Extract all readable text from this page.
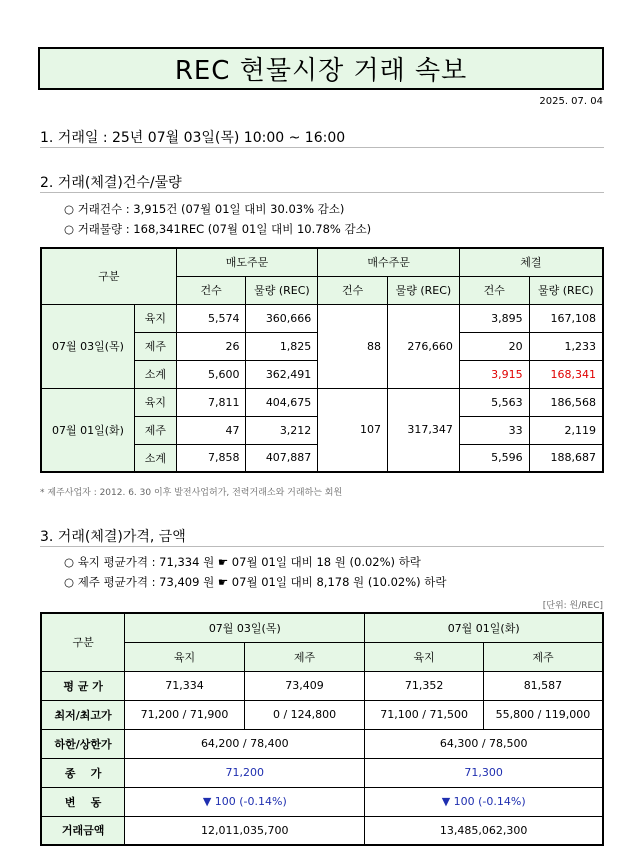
REC 현물시장 거래 속보
2025. 07. 04
1. 거래일 : 25년 07월 03일(목) 10:00 ~ 16:00
2. 거래(체결)건수/물량
○ 거래건수 : 3,915건 (07월 01일 대비 30.03% 감소)
○ 거래물량 : 168,341REC (07월 01일 대비 10.78% 감소)
구분		매도주문		매수주문		체결	
		건수	물량 (REC)	건수	물량 (REC)	건수	물량 (REC)
07월 03일(목)	육지	5,574	360,666	88	276,660	3,895	167,108
	제주	26	1,825			20	1,233
	소계	5,600	362,491			3,915	168,341
07월 01일(화)	육지	7,811	404,675	107	317,347	5,563	186,568
	제주	47	3,212			33	2,119
	소계	7,858	407,887			5,596	188,687
* 제주사업자 : 2012. 6. 30 이후 발전사업허가, 전력거래소와 거래하는 회원
3. 거래(체결)가격, 금액
○ 육지 평균가격 : 71,334 원 ☛ 07월 01일 대비 18 원 (0.02%) 하락
○ 제주 평균가격 : 73,409 원 ☛ 07월 01일 대비 8,178 원 (10.02%) 하락
[단위: 원/REC]
구분	07월 03일(목)		07월 01일(화)	
	육지	제주	육지	제주
평 균 가	71,334	73,409	71,352	81,587
최저/최고가	71,200 / 71,900	0 / 124,800	71,100 / 71,500	55,800 / 119,000
하한/상한가	64,200 / 78,400		64,300 / 78,500	
종    가	71,200		71,300	
변    동	▼ 100 (-0.14%)		▼ 100 (-0.14%)	
거래금액	12,011,035,700		13,485,062,300	
